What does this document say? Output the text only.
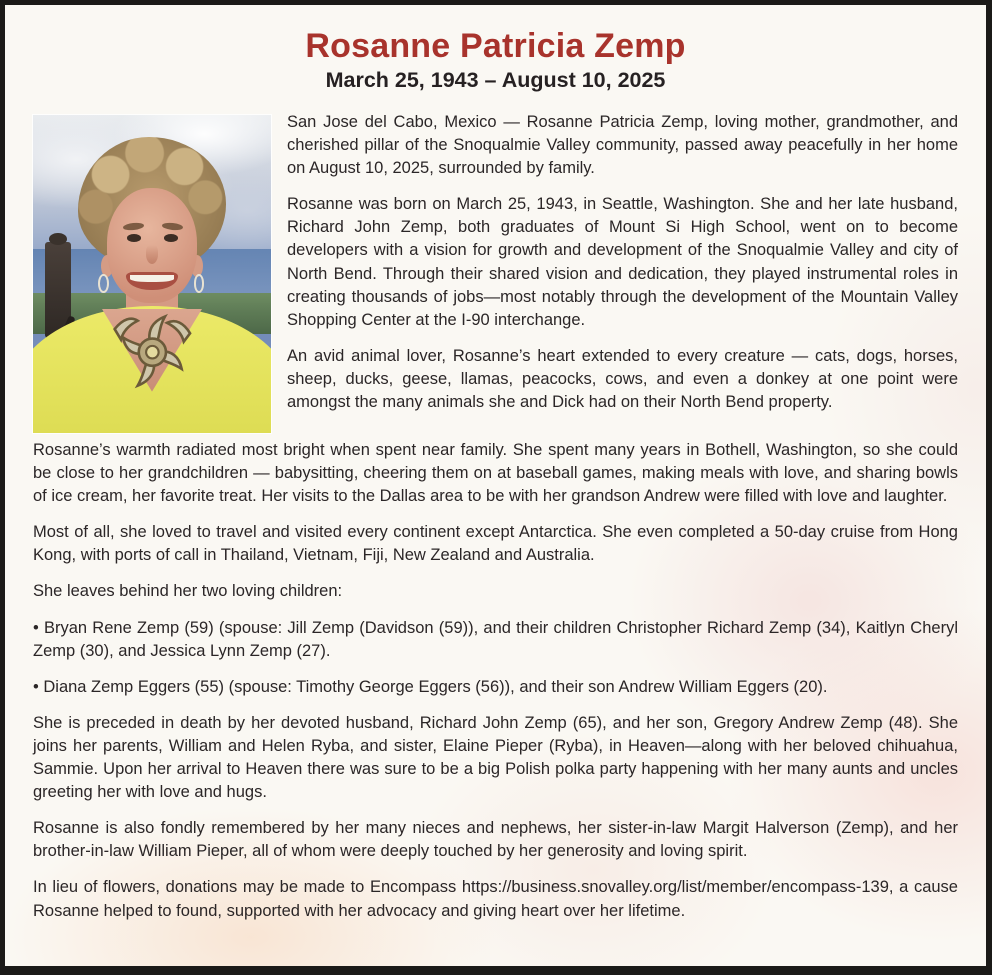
Rosanne Patricia Zemp
March 25, 1943 – August 10, 2025

San Jose del Cabo, Mexico — Rosanne Patricia Zemp, loving mother, grandmother, and cherished pillar of the Snoqualmie Valley community, passed away peacefully in her home on August 10, 2025, surrounded by family.

Rosanne was born on March 25, 1943, in Seattle, Washington. She and her late husband, Richard John Zemp, both graduates of Mount Si High School, went on to become developers with a vision for growth and development of the Snoqualmie Valley and city of North Bend. Through their shared vision and dedication, they played instrumental roles in creating thousands of jobs—most notably through the development of the Mountain Valley Shopping Center at the I-90 interchange.

An avid animal lover, Rosanne’s heart extended to every creature — cats, dogs, horses, sheep, ducks, geese, llamas, peacocks, cows, and even a donkey at one point were amongst the many animals she and Dick had on their North Bend property.

Rosanne’s warmth radiated most bright when spent near family. She spent many years in Bothell, Washington, so she could be close to her grandchildren — babysitting, cheering them on at baseball games, making meals with love, and sharing bowls of ice cream, her favorite treat. Her visits to the Dallas area to be with her grandson Andrew were filled with love and laughter.

Most of all, she loved to travel and visited every continent except Antarctica. She even completed a 50-day cruise from Hong Kong, with ports of call in Thailand, Vietnam, Fiji, New Zealand and Australia.

She leaves behind her two loving children:

• Bryan Rene Zemp (59) (spouse: Jill Zemp (Davidson (59)), and their children Christopher Richard Zemp (34), Kaitlyn Cheryl Zemp (30), and Jessica Lynn Zemp (27).

• Diana Zemp Eggers (55) (spouse: Timothy George Eggers (56)), and their son Andrew William Eggers (20).

She is preceded in death by her devoted husband, Richard John Zemp (65), and her son, Gregory Andrew Zemp (48). She joins her parents, William and Helen Ryba, and sister, Elaine Pieper (Ryba), in Heaven—along with her beloved chihuahua, Sammie. Upon her arrival to Heaven there was sure to be a big Polish polka party happening with her many aunts and uncles greeting her with love and hugs.

Rosanne is also fondly remembered by her many nieces and nephews, her sister-in-law Margit Halverson (Zemp), and her brother-in-law William Pieper, all of whom were deeply touched by her generosity and loving spirit.

In lieu of flowers, donations may be made to Encompass https://business.snovalley.org/list/member/encompass-139, a cause Rosanne helped to found, supported with her advocacy and giving heart over her lifetime.
